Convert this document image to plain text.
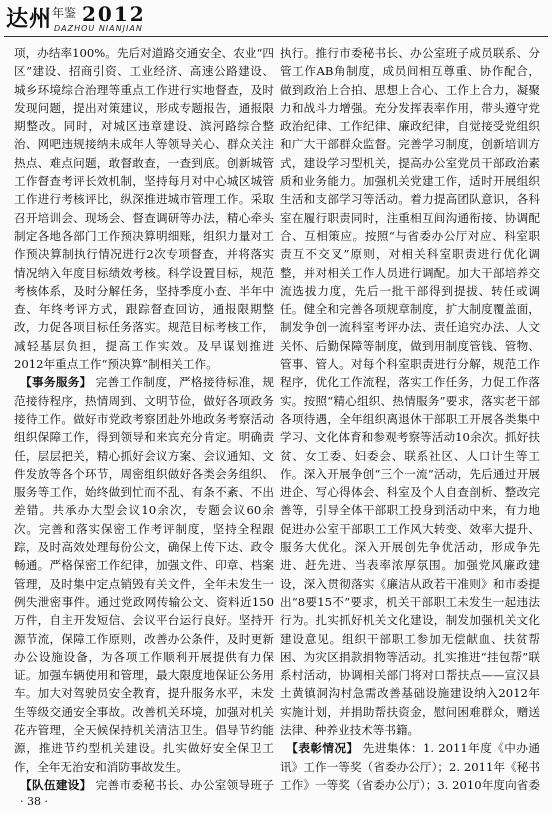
达州 年鉴 2012
DAZHOU NIANJIAN

项，办结率100%。先后对道路交通安全、农业“四区”建设、招商引资、工业经济、高速公路建设、城乡环境综合治理等重点工作进行实地督查，及时发现问题，提出对策建议，形成专题报告，通报限期整改。同时，对城区违章建设、滨河路综合整治、网吧违规接纳未成年人等领导关心、群众关注热点、难点问题，敢督敢查，一查到底。创新城管工作督查考评长效机制，坚持每月对中心城区城管工作进行考核评比，纵深推进城市管理工作。采取召开培训会、现场会、督查调研等办法，精心牵头制定各地各部门工作预决算明细账，组织力量对工作预决算制执行情况进行2次专项督查，并将落实情况纳入年度目标绩效考核。科学设置目标，规范考核体系，及时分解任务，坚持季度小查、半年中查、年终考评方式，跟踪督查回访，通报限期整改，力促各项目标任务落实。规范目标考核工作，减轻基层负担，提高工作实效。及早谋划推进2012年重点工作“预决算”制相关工作。

　【事务服务】 完善工作制度，严格接待标准，规范接待程序，热情周到、文明节俭，做好各项政务接待工作。做好市党政考察团赴外地政务考察活动组织保障工作，得到领导和来宾充分肯定。明确责任，层层把关，精心抓好会议方案、会议通知、文件发放等各个环节，周密组织做好各类会务组织、服务等工作，始终做到忙而不乱、有条不紊、不出差错。共承办大型会议10余次，专题会议60余次。完善和落实保密工作考评制度，坚持全程跟踪，及时高效处理每份公文，确保上传下达、政令畅通。严格保密工作纪律，加强文件、印章、档案管理，及时集中定点销毁有关文件，全年未发生一例失泄密事件。通过党政网传输公文、资料近150万件，自主开发短信、会议平台运行良好。坚持开源节流，保障工作原则，改善办公条件，及时更新办公设施设备，为各项工作顺利开展提供有力保证。加强车辆使用和管理，最大限度地保证公务用车。加大对驾驶员安全教育，提升服务水平，未发生等级交通安全事故。改善机关环境，加强对机关花卉管理，全天候保持机关清洁卫生。倡导节约能源，推进节约型机关建设。扎实做好安全保卫工作，全年无治安和消防事故发生。

　【队伍建设】 完善市委秘书长、办公室领导班子

执行。推行市委秘书长、办公室班子成员联系、分管工作AB角制度，成员间相互尊重、协作配合，做到政治上合拍、思想上合心、工作上合力，凝聚力和战斗力增强。充分发挥表率作用，带头遵守党政治纪律、工作纪律、廉政纪律，自觉接受党组织和广大干部群众监督。完善学习制度，创新培训方式，建设学习型机关，提高办公室党员干部政治素质和业务能力。加强机关党建工作，适时开展组织生活和支部学习等活动。着力提高团队意识，各科室在履行职责同时，注重相互间沟通衔接、协调配合、互相策应。按照“与省委办公厅对应、科室职责互不交叉”原则，对相关科室职责进行优化调整，并对相关工作人员进行调配。加大干部培养交流选拔力度，先后一批干部得到提拔、转任或调任。健全和完善各项规章制度，扩大制度覆盖面，制发争创一流科室考评办法、责任追究办法、人文关怀、后勤保障等制度，做到用制度管钱、管物、管事、管人。对每个科室职责进行分解，规范工作程序，优化工作流程，落实工作任务，力促工作落实。按照“精心组织、热情服务”要求，落实老干部各项待遇，全年组织离退休干部职工开展各类集中学习、文化体育和参观考察等活动10余次。抓好扶贫、女工委、妇委会、联系社区、人口计生等工作。深入开展争创“三个一流”活动，先后通过开展进企、写心得体会、科室及个人自查剖析、整改完善等，引导全体干部职工投身到活动中来，有力地促进办公室干部职工工作风大转变、效率大提升、服务大优化。深入开展创先争优活动，形成争先进、赶先进、当表率浓厚氛围。加强党风廉政建设，深入贯彻落实《廉洁从政若干准则》和市委提出“8要15不”要求，机关干部职工未发生一起违法行为。扎实抓好机关文化建设，制发加强机关文化建设意见。组织干部职工参加无偿献血、扶贫帮困、为灾区捐款捐物等活动。扎实推进“挂包帮”联系村活动，协调相关部门将对口帮扶点——宣汉县土黄镇洞沟村急需改善基础设施建设纳入2012年实施计划，并捐助帮扶资金，慰问困难群众，赠送法律、种养业技术等书籍。

　【表彰情况】 先进集体：1. 2011年度《中办通讯》工作一等奖（省委办公厅）；2. 2011年《秘书工作》一等奖（省委办公厅）；3. 2010年度向省委

· 38 ·
